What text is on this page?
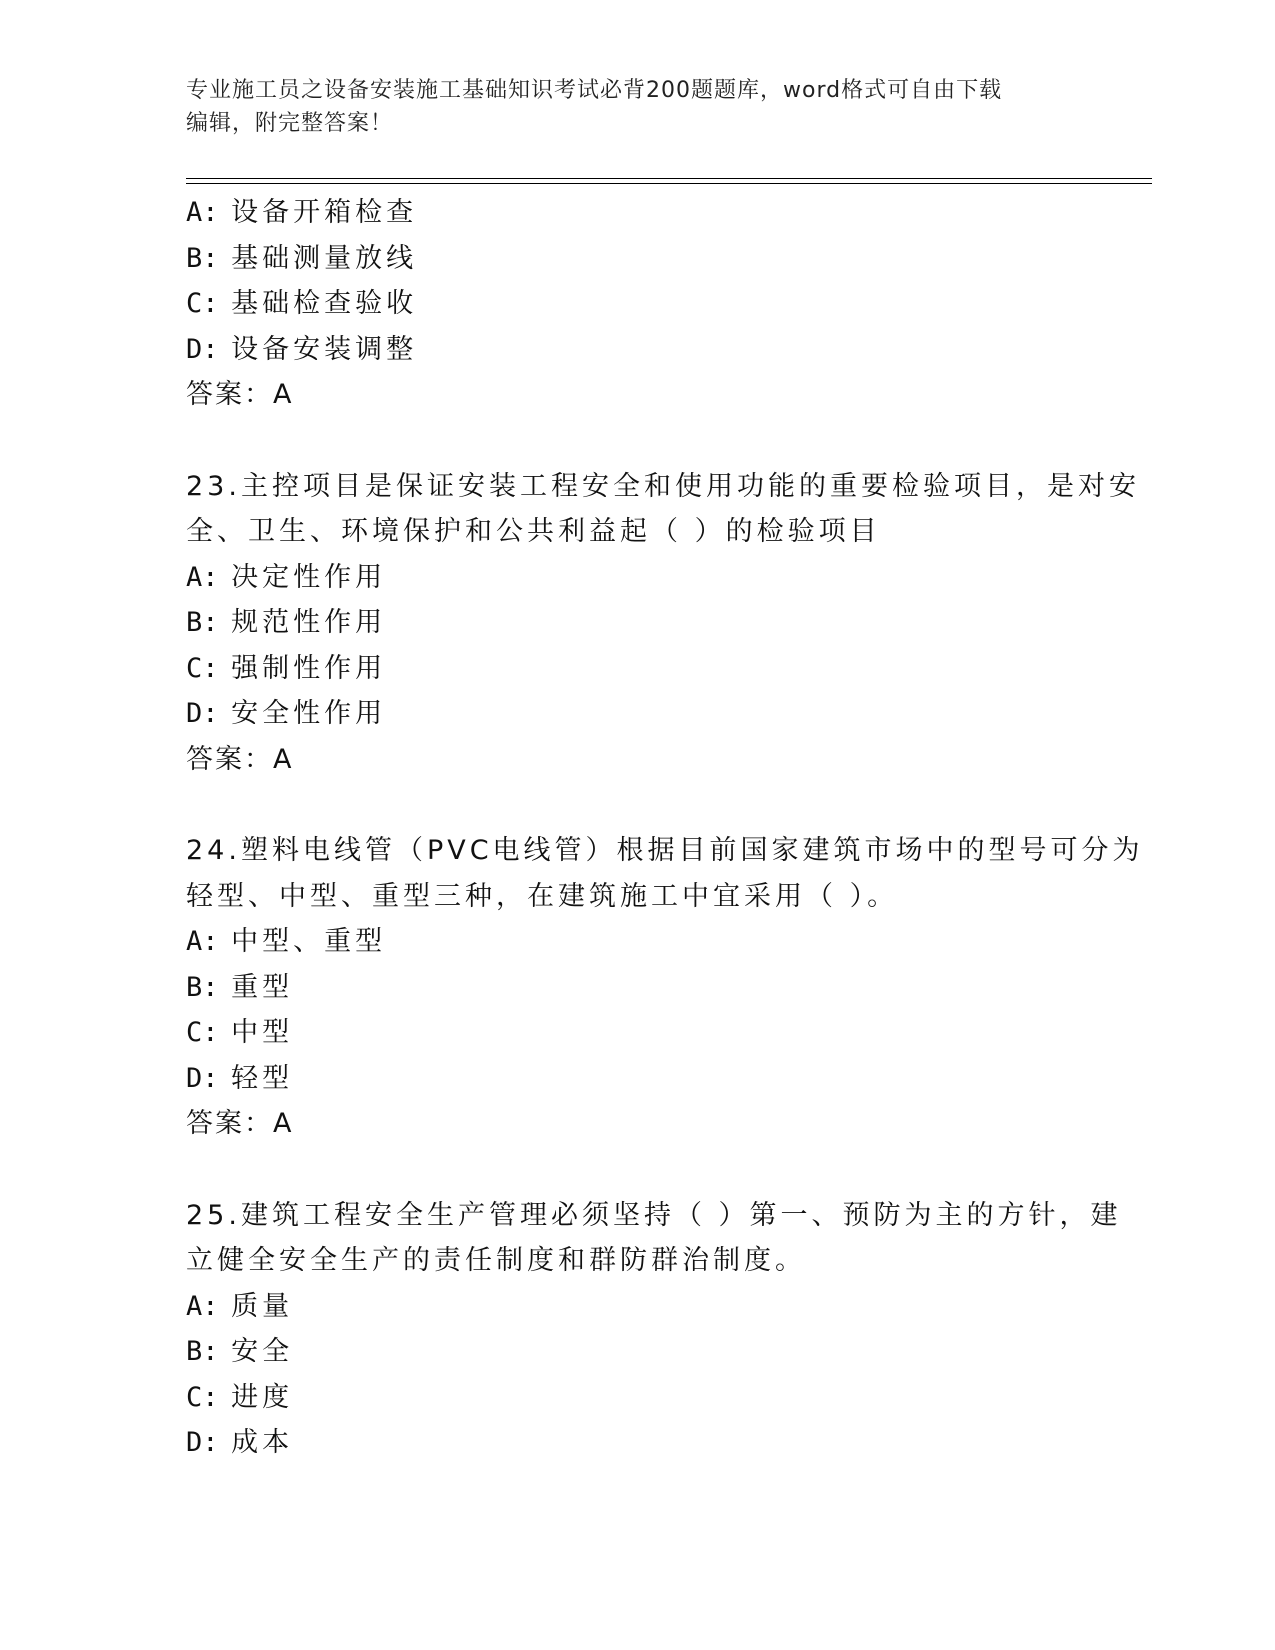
专业施工员之设备安装施工基础知识考试必背200题题库，word格式可自由下载
编辑，附完整答案！
A: 设备开箱检查
B: 基础测量放线
C: 基础检查验收
D: 设备安装调整
答案：A
23.主控项目是保证安装工程安全和使用功能的重要检验项目，是对安
全、卫生、环境保护和公共利益起（ ）的检验项目
A: 决定性作用
B: 规范性作用
C: 强制性作用
D: 安全性作用
答案：A
24.塑料电线管（PVC电线管）根据目前国家建筑市场中的型号可分为
轻型、中型、重型三种，在建筑施工中宜采用（ ）。
A: 中型、重型
B: 重型
C: 中型
D: 轻型
答案：A
25.建筑工程安全生产管理必须坚持（ ）第一、预防为主的方针，建
立健全安全生产的责任制度和群防群治制度。
A: 质量
B: 安全
C: 进度
D: 成本
